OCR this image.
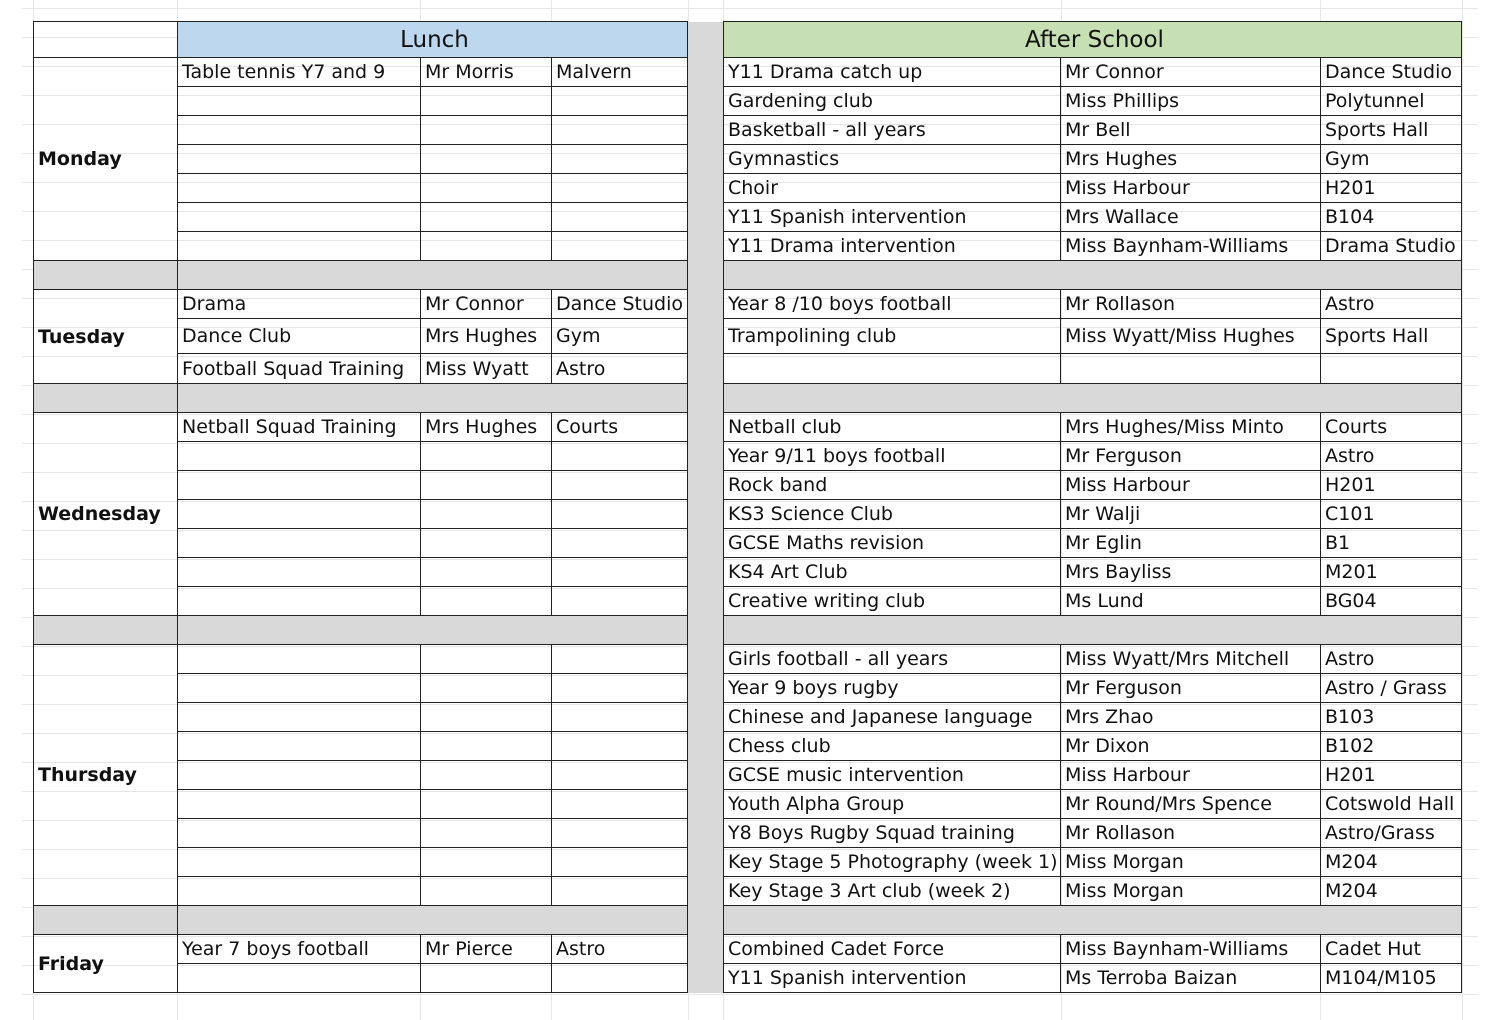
	Lunch				After School		
Monday	Table tennis Y7 and 9	Mr Morris	Malvern		Y11 Drama catch up	Mr Connor	Dance Studio
					Gardening club	Miss Phillips	Polytunnel
					Basketball - all years	Mr Bell	Sports Hall
					Gymnastics	Mrs Hughes	Gym
					Choir	Miss Harbour	H201
					Y11 Spanish intervention	Mrs Wallace	B104
					Y11 Drama intervention	Miss Baynham-Williams	Drama Studio

Tuesday	Drama	Mr Connor	Dance Studio		Year 8 /10 boys football	Mr Rollason	Astro
	Dance Club	Mrs Hughes	Gym		Trampolining club	Miss Wyatt/Miss Hughes	Sports Hall
	Football Squad Training	Miss Wyatt	Astro				

Wednesday	Netball Squad Training	Mrs Hughes	Courts		Netball club	Mrs Hughes/Miss Minto	Courts
					Year 9/11 boys football	Mr Ferguson	Astro
					Rock band	Miss Harbour	H201
					KS3 Science Club	Mr Walji	C101
					GCSE Maths revision	Mr Eglin	B1
					KS4 Art Club	Mrs Bayliss	M201
					Creative writing club	Ms Lund	BG04

Thursday					Girls football - all years	Miss Wyatt/Mrs Mitchell	Astro
					Year 9 boys rugby	Mr Ferguson	Astro / Grass
					Chinese and Japanese language	Mrs Zhao	B103
					Chess club	Mr Dixon	B102
					GCSE music intervention	Miss Harbour	H201
					Youth Alpha Group	Mr Round/Mrs Spence	Cotswold Hall
					Y8 Boys Rugby Squad training	Mr Rollason	Astro/Grass
					Key Stage 5 Photography (week 1)	Miss Morgan	M204
					Key Stage 3 Art club (week 2)	Miss Morgan	M204

Friday	Year 7 boys football	Mr Pierce	Astro		Combined Cadet Force	Miss Baynham-Williams	Cadet Hut
					Y11 Spanish intervention	Ms Terroba Baizan	M104/M105
